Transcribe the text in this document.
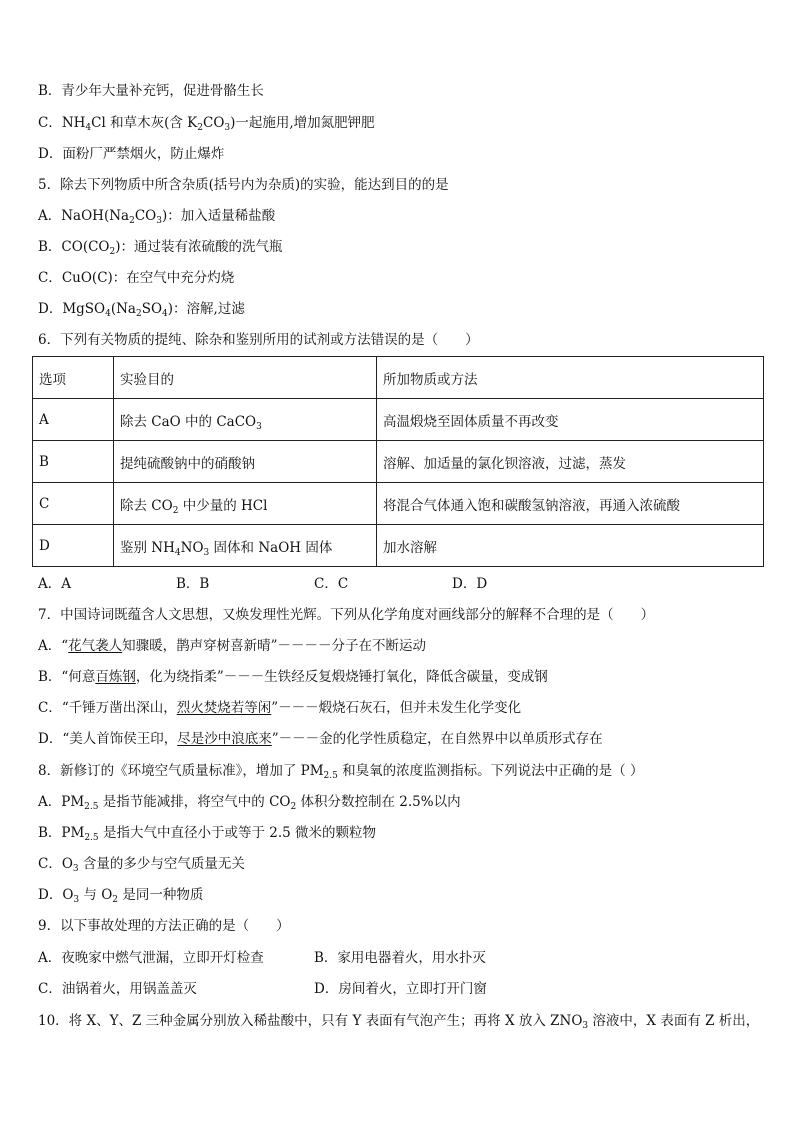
B．青少年大量补充钙，促进骨骼生长
C．$NH_4Cl$ 和草木灰(含 $K_2CO_3$)一起施用,增加氮肥钾肥
D．面粉厂严禁烟火，防止爆炸
5．除去下列物质中所含杂质(括号内为杂质)的实验，能达到目的的是
A．$NaOH(Na_2CO_3)$：加入适量稀盐酸
B．$CO(CO_2)$：通过装有浓硫酸的洗气瓶
C．CuO(C)：在空气中充分灼烧
D．$MgSO_4(Na_2SO_4)$：溶解,过滤
6．下列有关物质的提纯、除杂和鉴别所用的试剂或方法错误的是（　　）
选项	实验目的	所加物质或方法
A	除去 CaO 中的 CaCO$_3$	高温煅烧至固体质量不再改变
B	提纯硫酸钠中的硝酸钠	溶解、加适量的氯化钡溶液，过滤，蒸发
C	除去 $CO_2$ 中少量的 HCl	将混合气体通入饱和碳酸氢钠溶液，再通入浓硫酸
D	鉴别 $NH_4NO_3$ 固体和 NaOH 固体	加水溶解
A．A	B．B	C．C	D．D
7．中国诗词既蕴含人文思想，又焕发理性光辉。下列从化学角度对画线部分的解释不合理的是（　　）
A．“花气袭人知骤暖，鹊声穿树喜新晴”－－－－分子在不断运动
B．“何意百炼钢，化为绕指柔”－－－生铁经反复煅烧锤打氧化，降低含碳量，变成钢
C．“千锤万凿出深山，烈火焚烧若等闲”－－－煅烧石灰石，但并未发生化学变化
D．“美人首饰侯王印，尽是沙中浪底来”－－－金的化学性质稳定，在自然界中以单质形式存在
8．新修订的《环境空气质量标准》，增加了 $PM_{2.5}$ 和臭氧的浓度监测指标。下列说法中正确的是（ ）
A．$PM_{2.5}$ 是指节能减排，将空气中的 $CO_2$ 体积分数控制在 2.5%以内
B．$PM_{2.5}$ 是指大气中直径小于或等于 2.5 微米的颗粒物
C．$O_3$ 含量的多少与空气质量无关
D．$O_3$ 与 $O_2$ 是同一种物质
9．以下事故处理的方法正确的是（　　）
A．夜晚家中燃气泄漏，立即开灯检查	B．家用电器着火，用水扑灭
C．油锅着火，用锅盖盖灭	D．房间着火，立即打开门窗
10．将 X、Y、Z 三种金属分别放入稀盐酸中，只有 Y 表面有气泡产生；再将 X 放入 $ZNO_3$ 溶液中，X 表面有 Z 析出，
